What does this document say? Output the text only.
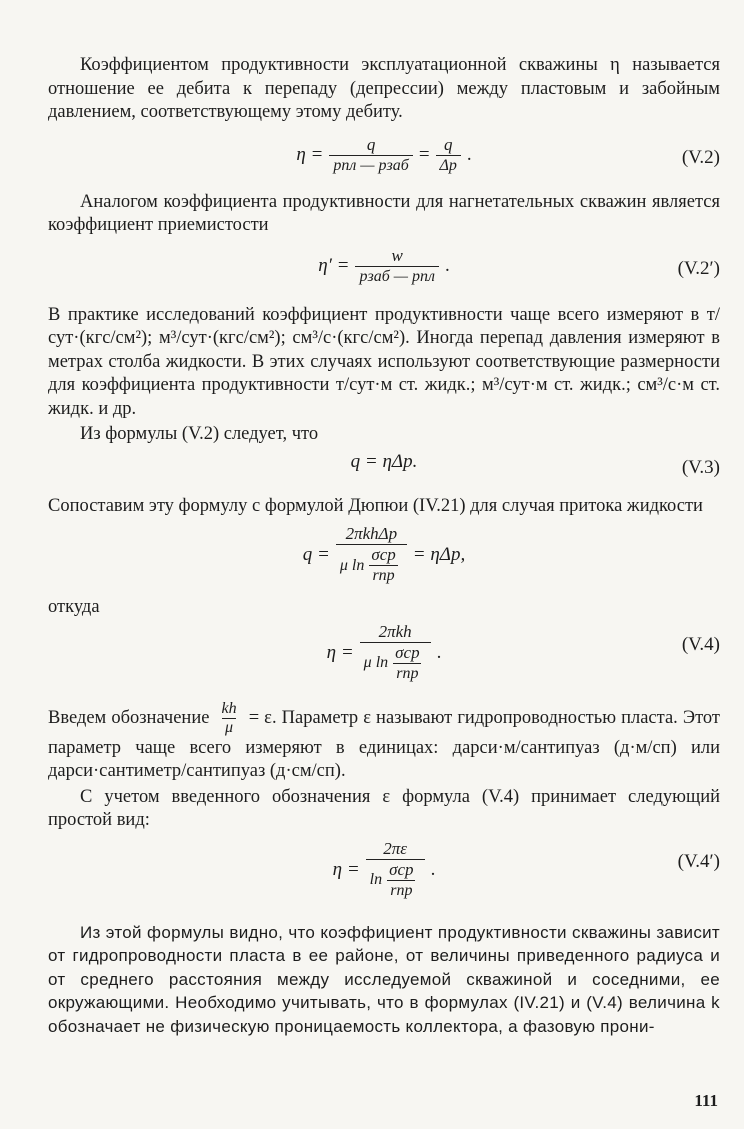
Коэффициентом продуктивности эксплуатационной скважины η называется отношение ее дебита к перепаду (депрессии) между пластовым и забойным давлением, соответствующему этому дебиту.

$\eta = \frac{q}{\text{pпл — pзаб}} = \frac{q}{\Delta p}$ .	(V.2)

Аналогом коэффициента продуктивности для нагнетательных скважин является коэффициент приемистости

$\eta' = \frac{w}{\text{pзаб — pпл}}$ .	(V.2′)

В практике исследований коэффициент продуктивности чаще всего измеряют в т/сут·(кгс/см²); м³/сут·(кгс/см²); см³/с·(кгс/см²). Иногда перепад давления измеряют в метрах столба жидкости. В этих случаях используют соответствующие размерности для коэффициента продуктивности т/сут·м ст. жидк.; м³/сут·м ст. жидк.; см³/с·м ст. жидк. и др.

Из формулы (V.2) следует, что

q = ηΔp.	(V.3)

Сопоставим эту формулу с формулой Дюпюи (IV.21) для случая притока жидкости

q = 2πkhΔp
μ ln
σср
rпр = ηΔp,

откуда

η = 2πkh
μ ln
σср
rпр .	(V.4)

Введем обозначение $\frac{kh}{\mu} = \varepsilon$. Параметр ε называют гидропроводностью пласта. Этот параметр чаще всего измеряют в единицах: дарси·м/сантипуаз (д·м/сп) или дарси·сантиметр/сантипуаз (д·см/сп).

С учетом введенного обозначения ε формула (V.4) принимает следующий простой вид:

η = 2πε
ln
σср
rпр .	(V.4′)

Из этой формулы видно, что коэффициент продуктивности скважины зависит от гидропроводности пласта в ее районе, от величины приведенного радиуса и от среднего расстояния между исследуемой скважиной и соседними, ее окружающими. Необходимо учитывать, что в формулах (IV.21) и (V.4) величина k обозначает не физическую проницаемость коллектора, а фазовую прони-

111
